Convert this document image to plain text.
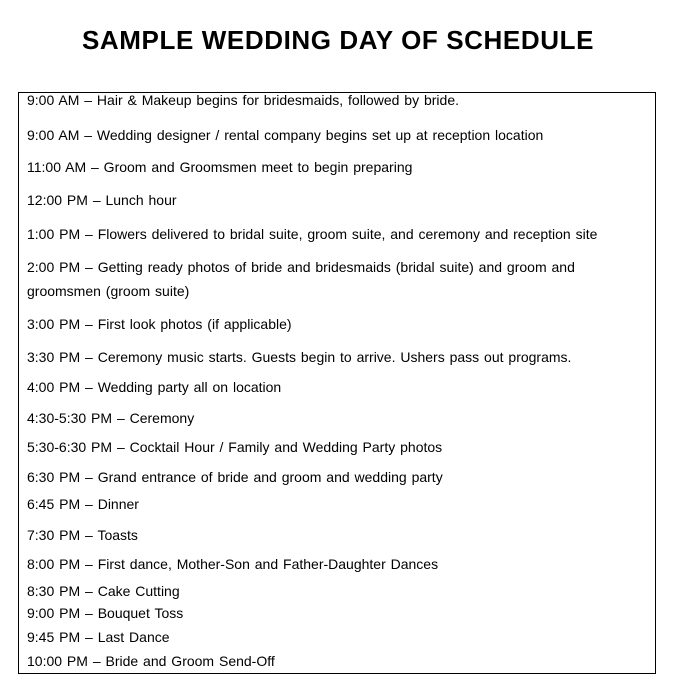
SAMPLE WEDDING DAY OF SCHEDULE
9:00 AM – Hair & Makeup begins for bridesmaids, followed by bride.
9:00 AM – Wedding designer / rental company begins set up at reception location
11:00 AM – Groom and Groomsmen meet to begin preparing
12:00 PM – Lunch hour
1:00 PM – Flowers delivered to bridal suite, groom suite, and ceremony and reception site
2:00 PM – Getting ready photos of bride and bridesmaids (bridal suite) and groom and groomsmen (groom suite)
3:00 PM – First look photos (if applicable)
3:30 PM – Ceremony music starts. Guests begin to arrive. Ushers pass out programs.
4:00 PM – Wedding party all on location
4:30-5:30 PM – Ceremony
5:30-6:30 PM – Cocktail Hour / Family and Wedding Party photos
6:30 PM – Grand entrance of bride and groom and wedding party
6:45 PM – Dinner
7:30 PM – Toasts
8:00 PM – First dance, Mother-Son and Father-Daughter Dances
8:30 PM – Cake Cutting
9:00 PM – Bouquet Toss
9:45 PM – Last Dance
10:00 PM – Bride and Groom Send-Off
